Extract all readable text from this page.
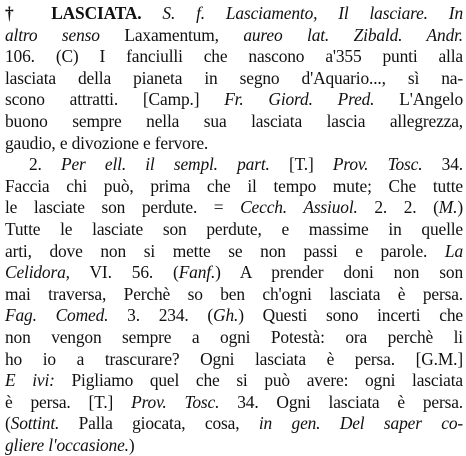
† LASCIATA. S. f. Lasciamento, Il lasciare. In
altro senso Laxamentum, aureo lat. Zibald. Andr.
106. (C) I fanciulli che nascono a'355 punti alla
lasciata della pianeta in segno d'Aquario..., sì na-
scono attratti. [Camp.] Fr. Giord. Pred. L'Angelo
buono sempre nella sua lasciata lascia allegrezza,
gaudio, e divozione e fervore.
2. Per ell. il sempl. part. [T.] Prov. Tosc. 34.
Faccia chi può, prima che il tempo mute; Che tutte
le lasciate son perdute. = Cecch. Assiuol. 2. 2. (M.)
Tutte le lasciate son perdute, e massime in quelle
arti, dove non si mette se non passi e parole. La
Celidora, VI. 56. (Fanf.) A prender doni non son
mai traversa, Perchè so ben ch'ogni lasciata è persa.
Fag. Comed. 3. 234. (Gh.) Questi sono incerti che
non vengon sempre a ogni Potestà: ora perchè li
ho io a trascurare? Ogni lasciata è persa. [G.M.]
E ivi: Pigliamo quel che si può avere: ogni lasciata
è persa. [T.] Prov. Tosc. 34. Ogni lasciata è persa.
(Sottint. Palla giocata, cosa, in gen. Del saper co-
gliere l'occasione.)
